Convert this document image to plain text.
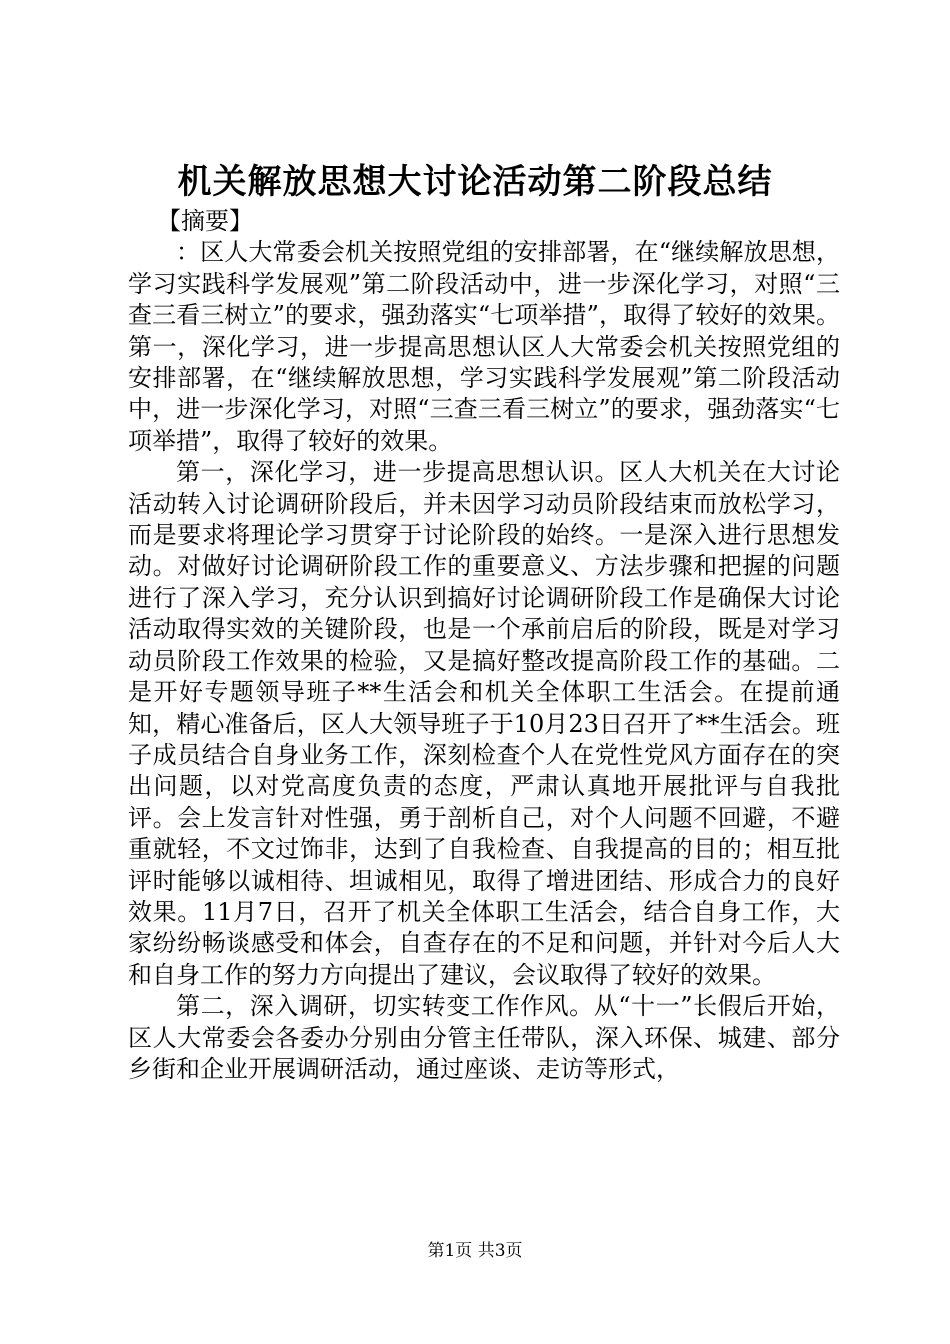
机关解放思想大讨论活动第二阶段总结

【摘要】

：区人大常委会机关按照党组的安排部署，在“继续解放思想，学习实践科学发展观”第二阶段活动中，进一步深化学习，对照“三查三看三树立”的要求，强劲落实“七项举措”，取得了较好的效果。第一，深化学习，进一步提高思想认区人大常委会机关按照党组的安排部署，在“继续解放思想，学习实践科学发展观”第二阶段活动中，进一步深化学习，对照“三查三看三树立”的要求，强劲落实“七项举措”，取得了较好的效果。

第一，深化学习，进一步提高思想认识。区人大机关在大讨论活动转入讨论调研阶段后，并未因学习动员阶段结束而放松学习，而是要求将理论学习贯穿于讨论阶段的始终。一是深入进行思想发动。对做好讨论调研阶段工作的重要意义、方法步骤和把握的问题进行了深入学习，充分认识到搞好讨论调研阶段工作是确保大讨论活动取得实效的关键阶段，也是一个承前启后的阶段，既是对学习动员阶段工作效果的检验，又是搞好整改提高阶段工作的基础。二是开好专题领导班子**生活会和机关全体职工生活会。在提前通知，精心准备后，区人大领导班子于10月23日召开了**生活会。班子成员结合自身业务工作，深刻检查个人在党性党风方面存在的突出问题，以对党高度负责的态度，严肃认真地开展批评与自我批评。会上发言针对性强，勇于剖析自己，对个人问题不回避，不避重就轻，不文过饰非，达到了自我检查、自我提高的目的；相互批评时能够以诚相待、坦诚相见，取得了增进团结、形成合力的良好效果。11月7日，召开了机关全体职工生活会，结合自身工作，大家纷纷畅谈感受和体会，自查存在的不足和问题，并针对今后人大和自身工作的努力方向提出了建议，会议取得了较好的效果。

第二，深入调研，切实转变工作作风。从“十一”长假后开始，区人大常委会各委办分别由分管主任带队，深入环保、城建、部分乡街和企业开展调研活动，通过座谈、走访等形式，

第1页 共3页
